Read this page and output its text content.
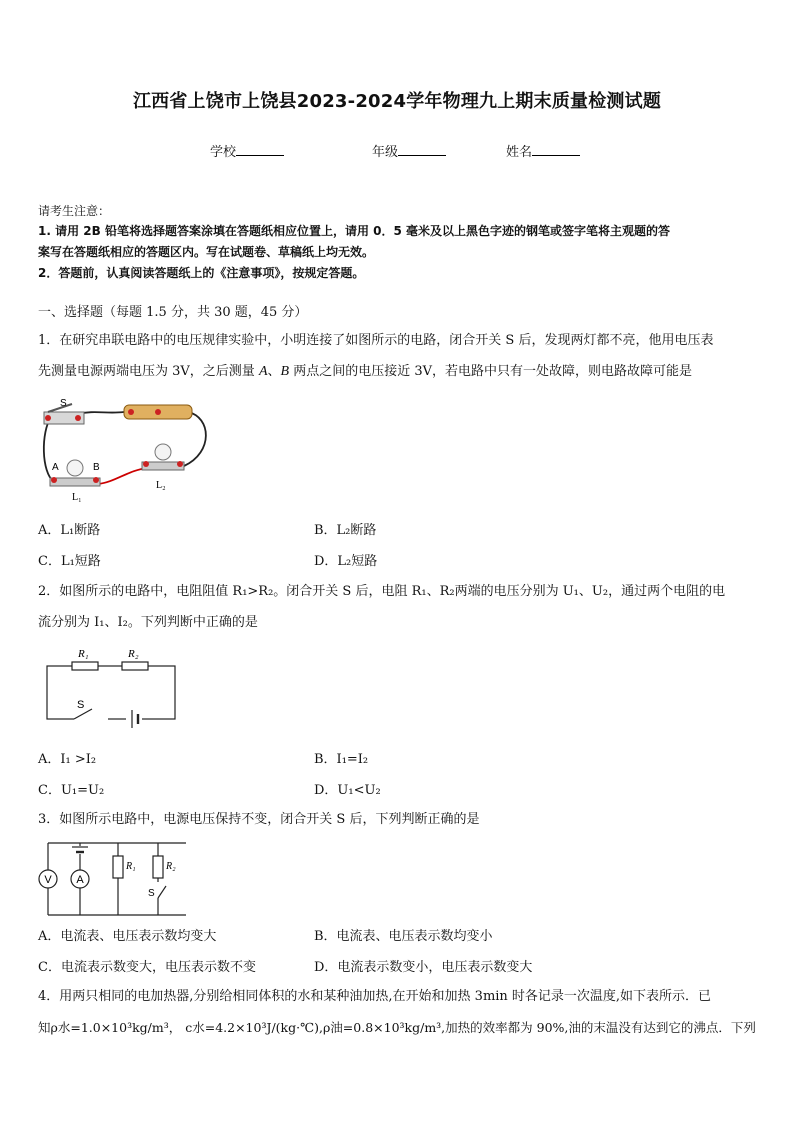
江西省上饶市上饶县2023-2024学年物理九上期末质量检测试题
学校	年级	姓名
请考生注意：
1. 请用 2B 铅笔将选择题答案涂填在答题纸相应位置上，请用 0．5 毫米及以上黑色字迹的钢笔或签字笔将主观题的答
案写在答题纸相应的答题区内。写在试题卷、草稿纸上均无效。
2．答题前，认真阅读答题纸上的《注意事项》，按规定答题。
一、选择题（每题 1.5 分，共 30 题，45 分）
1．在研究串联电路中的电压规律实验中，小明连接了如图所示的电路，闭合开关 S 后，发现两灯都不亮，他用电压表
先测量电源两端电压为 3V，之后测量 A、B 两点之间的电压接近 3V，若电路中只有一处故障，则电路故障可能是
S
A	B
L₁
L₂
A．L₁断路	B．L₂断路
C．L₁短路	D．L₂短路
2．如图所示的电路中，电阻阻值 R₁>R₂。闭合开关 S 后，电阻 R₁、R₂两端的电压分别为 U₁、U₂，通过两个电阻的电
流分别为 I₁、I₂。下列判断中正确的是
R₁	R₂
S
A．I₁ >I₂	B．I₁=I₂
C．U₁=U₂	D．U₁<U₂
3．如图所示电路中，电源电压保持不变，闭合开关 S 后，下列判断正确的是
V A
R₁	R₂
S
A．电流表、电压表示数均变大	B．电流表、电压表示数均变小
C．电流表示数变大，电压表示数不变	D．电流表示数变小，电压表示数变大
4．用两只相同的电加热器,分别给相同体积的水和某种油加热,在开始和加热 3min 时各记录一次温度,如下表所示．已
知ρ水=1.0×10³kg/m³， c水=4.2×10³J/(kg·℃),ρ油=0.8×10³kg/m³,加热的效率都为 90%,油的末温没有达到它的沸点．下列
